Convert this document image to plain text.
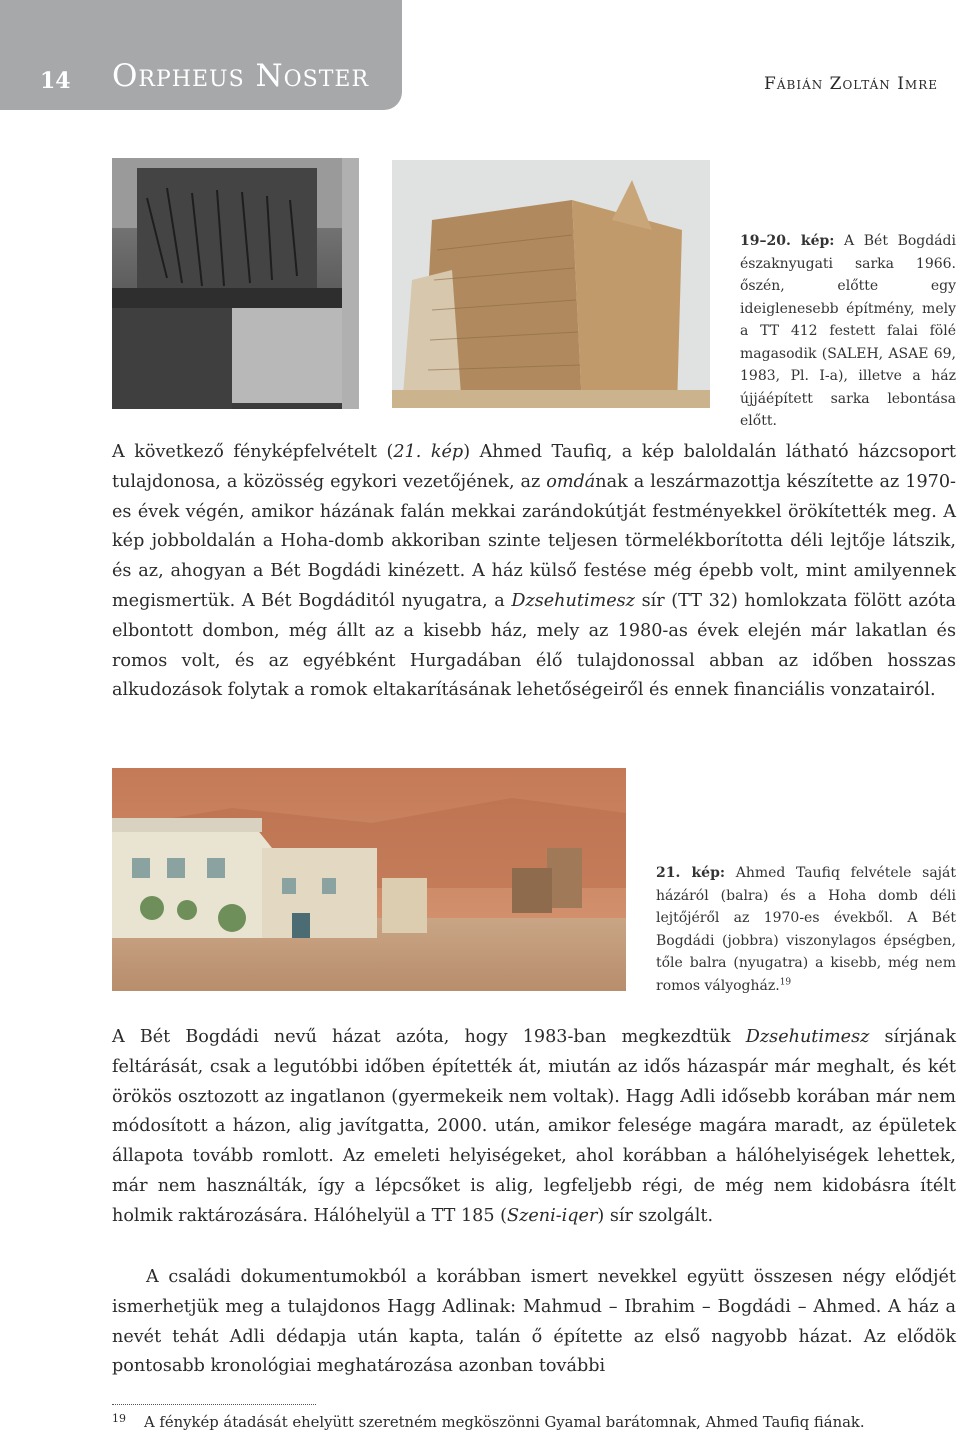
14 Orpheus Noster	Fábián Zoltán Imre
19–20. kép: A Bét Bogdádi északnyugati sarka 1966. őszén, előtte egy ideiglenesebb építmény, mely a TT 412 festett falai fölé magasodik (SALEH, ASAE 69, 1983, Pl. I-a), illetve a ház újjáépített sarka lebontása előtt.

A következő fényképfelvételt (21. kép) Ahmed Taufiq, a kép baloldalán látható házcsoport tulajdonosa, a közösség egykori vezetőjének, az omdának a leszármazottja készítette az 1970-es évek végén, amikor házának falán mekkai zarándokútját festményekkel örökítették meg. A kép jobboldalán a Hoha-domb akkoriban szinte teljesen törmelékborította déli lejtője látszik, és az, ahogyan a Bét Bogdádi kinézett. A ház külső festése még épebb volt, mint amilyennek megismertük. A Bét Bogdáditól nyugatra, a Dzsehutimesz sír (TT 32) homlokzata fölött azóta elbontott dombon, még állt az a kisebb ház, mely az 1980-as évek elején már lakatlan és romos volt, és az egyébként Hurgadában élő tulajdonossal abban az időben hosszas alkudozások folytak a romok eltakarításának lehetőségeiről és ennek financiális vonzatairól.

21. kép: Ahmed Taufiq felvétele saját házáról (balra) és a Hoha domb déli lejtőjéről az 1970-es évekből. A Bét Bogdádi (jobbra) viszonylagos épségben, tőle balra (nyugatra) a kisebb, még nem romos vályogház.$^{19}$

A Bét Bogdádi nevű házat azóta, hogy 1983-ban megkezdtük Dzsehutimesz sírjának feltárását, csak a legutóbbi időben építették át, miután az idős házaspár már meghalt, és két örökös osztozott az ingatlanon (gyermekeik nem voltak). Hagg Adli idősebb korában már nem módosított a házon, alig javítgatta, 2000. után, amikor felesége magára maradt, az épületek állapota tovább romlott. Az emeleti helyiségeket, ahol korábban a hálóhelyiségek lehettek, már nem használták, így a lépcsőket is alig, legfeljebb régi, de még nem kidobásra ítélt holmik raktározására. Hálóhelyül a TT 185 (Szeni-iqer) sír szolgált.

A családi dokumentumokból a korábban ismert nevekkel együtt összesen négy elődjét ismerhetjük meg a tulajdonos Hagg Adlinak: Mahmud – Ibrahim – Bogdádi – Ahmed. A ház a nevét tehát Adli dédapja után kapta, talán ő építette az első nagyobb házat. Az elődök pontosabb kronológiai meghatározása azonban további

19 A fénykép átadását ehelyütt szeretném megköszönni Gyamal barátomnak, Ahmed Taufiq fiának.
